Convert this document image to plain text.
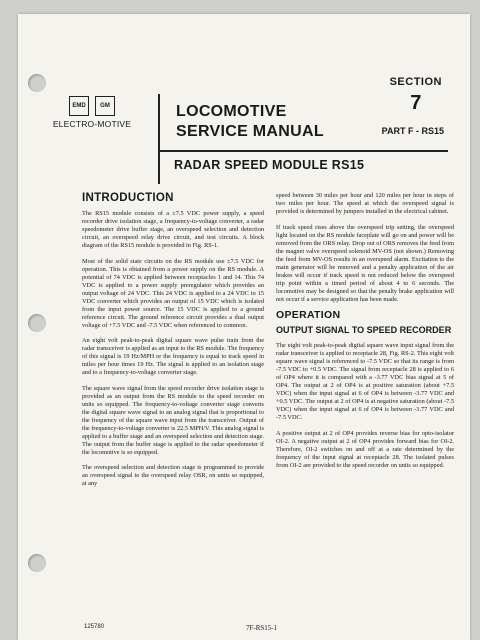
EMD	GM
ELECTRO-MOTIVE
LOCOMOTIVE
SERVICE MANUAL
SECTION
7
PART F - RS15
RADAR SPEED MODULE RS15
INTRODUCTION

The RS15 module consists of a ±7.5 VDC power supply, a speed recorder drive isolation stage, a frequency-to-voltage converter, a radar speedometer drive buffer stage, an overspeed selection and detection circuit, an overspeed relay drive circuit, and test circuits. A block diagram of the RS15 module is provided in Fig. RS-1.

Most of the solid state circuits on the RS module use ±7.5 VDC for operation. This is obtained from a power supply on the RS module. A potential of 74 VDC is applied between receptacles 1 and 14. This 74 VDC is applied to a power supply preregulator which provides an output voltage of 24 VDC. This 24 VDC is applied to a 24 VDC to 15 VDC converter which provides an output of 15 VDC which is isolated from the input power source. The 15 VDC is applied to a ground reference circuit. The ground reference circuit provides a dual output voltage of +7.5 VDC and -7.5 VDC when referenced to common.

An eight volt peak-to-peak digital square wave pulse train from the radar transceiver is applied as an input to the RS module. The frequency of this signal is 19 Hz/MPH or the frequency is equal to track speed in miles per hour times 19 Hz. The signal is applied to an isolation stage and to a frequency-to-voltage converter stage.

The square wave signal from the speed recorder drive isolation stage is provided as an output from the RS module to the speed recorder on units so equipped. The frequency-to-voltage converter stage converts the digital square wave signal to an analog signal that is proportional to the frequency of the square wave input from the transceiver. Output of the frequency-to-voltage converter is 22.5 MPH/V. This analog signal is applied to a buffer stage and an overspeed selection and detection stage. The output from the buffer stage is applied to the radar speedometer if the locomotive is so equipped.

The overspeed selection and detection stage is programmed to provide an overspeed signal to the overspeed relay OSR, on units so equipped, at any

speed between 30 miles per hour and 120 miles per hour in steps of two miles per hour. The speed at which the overspeed signal is provided is determined by jumpers installed in the electrical cabinet.

If track speed rises above the overspeed trip setting, the overspeed light located on the RS module faceplate will go on and power will be removed from the ORS relay. Drop out of ORS removes the feed from the magnet valve overspeed solenoid MV-OS (not shown.) Removing the feed from MV-OS results in an overspeed alarm. Excitation to the main generator will be removed and a penalty application of the air brakes will occur if track speed is not reduced below the overspeed trip point within a timed period of about 4 to 6 seconds. The locomotive may be designed so that the penalty brake application will not occur if a service application has been made.

OPERATION
OUTPUT SIGNAL TO SPEED RECORDER

The eight volt peak-to-peak digital square wave input signal from the radar transceiver is applied to receptacle 28, Fig. RS-2. This eight volt square wave signal is referenced to -7.5 VDC so that its range is from -7.5 VDC to +0.5 VDC. The signal from receptacle 28 is applied to 6 of OP4 where it is compared with a -3.77 VDC bias signal at 5 of OP4. The output at 2 of OP4 is at positive saturation (about +7.5 VDC) when the input signal at 6 of OP4 is between -3.77 VDC and +0.5 VDC. The output at 2 of OP4 is at negative saturation (about -7.5 VDC) when the input signal at 6 of OP4 is between -3.77 VDC and -7.5 VDC.

A positive output at 2 of OP4 provides reverse bias for opto-isolator OI-2. A negative output at 2 of OP4 provides forward bias for OI-2. Therefore, OI-2 switches on and off at a rate determined by the frequency of the input signal at receptacle 28. The isolated pulses from OI-2 are provided to the speed recorder on units so equipped.

125780	7F-RS15-1
